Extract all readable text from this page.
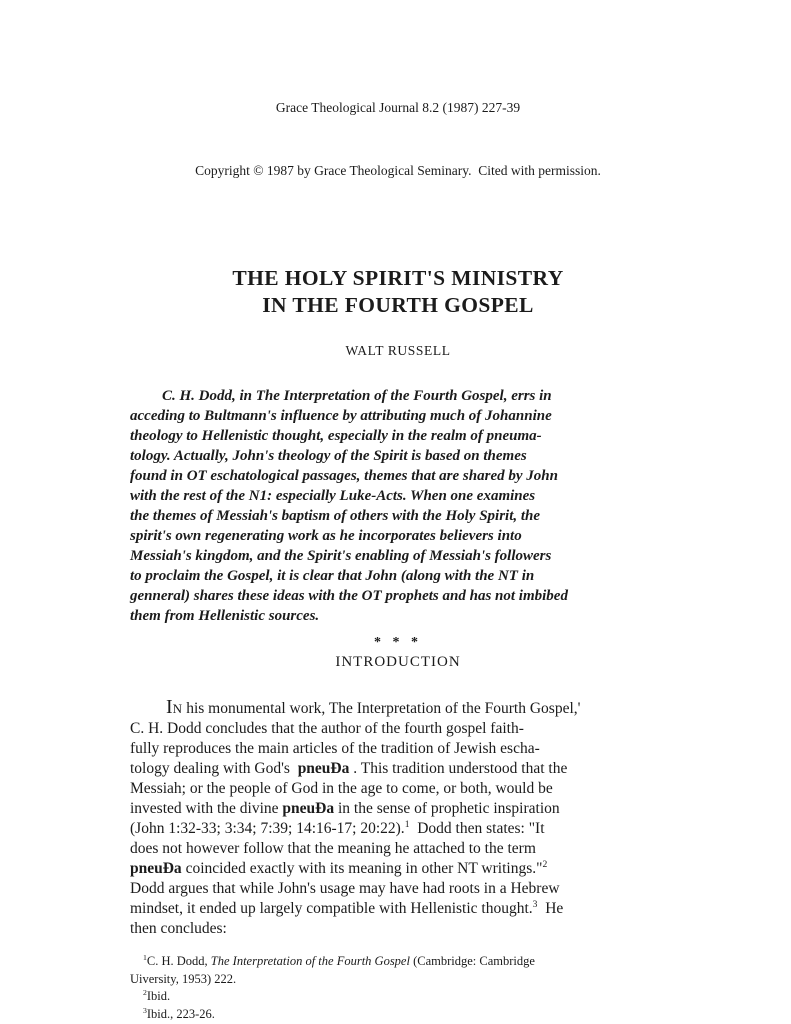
Grace Theological Journal 8.2 (1987) 227-39

Copyright © 1987 by Grace Theological Seminary.  Cited with permission.

THE HOLY SPIRIT'S MINISTRY
IN THE FOURTH GOSPEL
WALT RUSSELL
C. H. Dodd, in The Interpretation of the Fourth Gospel, errs in
acceding to Bultmann's influence by attributing much of Johannine
theology to Hellenistic thought, especially in the realm of pneuma-
tology. Actually, John's theology of the Spirit is based on themes
found in OT eschatological passages, themes that are shared by John
with the rest of the N1: especially Luke-Acts. When one examines
the themes of Messiah's baptism of others with the Holy Spirit, the
spirit's own regenerating work as he incorporates believers into
Messiah's kingdom, and the Spirit's enabling of Messiah's followers
to proclaim the Gospel, it is clear that John (along with the NT in
genneral) shares these ideas with the OT prophets and has not imbibed
them from Hellenistic sources.
* * *
INTRODUCTION
IN his monumental work, The Interpretation of the Fourth Gospel,'
C. H. Dodd concludes that the author of the fourth gospel faith-
fully reproduces the main articles of the tradition of Jewish escha-
tology dealing with God's  pneuÐa . This tradition understood that the
Messiah; or the people of God in the age to come, or both, would be
invested with the divine pneuÐa in the sense of prophetic inspiration
(John 1:32-33; 3:34; 7:39; 14:16-17; 20:22).$^1$  Dodd then states: "It
does not however follow that the meaning he attached to the term
pneuÐa coincided exactly with its meaning in other NT writings."$^2$
Dodd argues that while John's usage may have had roots in a Hebrew
mindset, it ended up largely compatible with Hellenistic thought.$^3$  He
then concludes:
$^1$C. H. Dodd, The Interpretation of the Fourth Gospel (Cambridge: Cambridge
Uiversity, 1953) 222.
$^2$Ibid.
$^3$Ibid., 223-26.
